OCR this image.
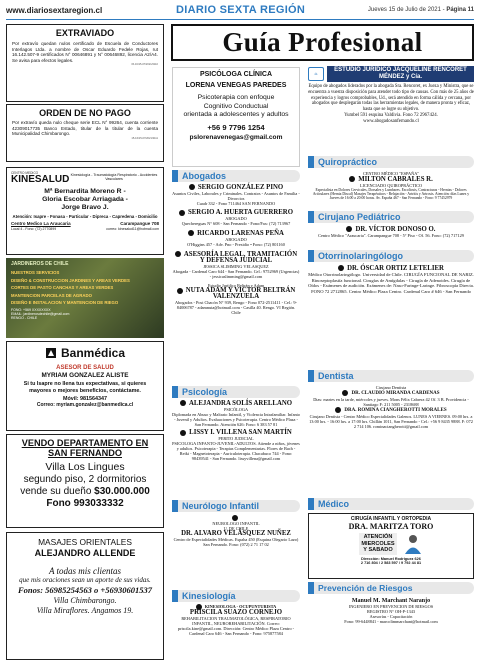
www.diariosextaregion.cl	DIARIO SEXTA REGIÓN	Jueves 15 de Julio de 2021 - Página 11
EXTRAVIADO
Por extravío quedan nulos certificado de Escuela de Conductores Interlagos Ltda. a nombre de Oscar Eduardo Fedele Rojas, rut 16.142.507-9 certificados N° 00646891 y N° 00646892, licencia A2/A4. Se avisa para efectos legales.
15-16/15-07/2021/3110
ORDEN DE NO PAGO
Por extravío queda nulo cheque serie ECL N° 99264, cuenta corriente 42309017735 Banco Estado, titular de la titular de la cuenta Municipalidad Chimbarongo.
15-16/15-07/2021/3111
CENTRO MEDICO
KINESALUD Kinesiología - Traumatología Respiratorio - Accidentes Vasculares
Mª Bernardita Moreno R -
Gloria Escobar Arriagada -
Jorge Bravo J.
Atención: Isapre - Fonasa - Particular - Dipreca - Capredena - Domicilio
Centro Medico La Araucaria	Carampangue 708
Local 4 - Fono: (72) 2770899	correo: kinesalud11@hotmail.com
JARDINEROS DE CHILE
NUESTROS SERVICIOS
DISEÑO & CONSTRUCCION JARDINES Y AREAS VERDES
CORTES DE PASTO CANCHAS Y AREAS VERDES
MANTENCION PARCELAS DE AGRADO
DISEÑO E INSTALACION Y MANTENCION DE RIEGO
FONO: +569 XXXXXXXX
EMAIL: jardinerosdechile@gmail.com
RENGO - CHILE
Banmédica
ASESOR DE SALUD
MYRIAM GONZALEZ ALISTE
Si tu Isapre no llena tus expectativas, si quieres mayores o mejores beneficios, contáctame.
Móvil: 981564347
Correo: myriam.gonzalez@banmedica.cl
VENDO DEPARTAMENTO EN SAN FERNANDO
Villa Los Lingues
segundo piso, 2 dormitorios
vende su dueño $30.000.000
Fono 993033332
MASAJES ORIENTALES
ALEJANDRO ALLENDE
A todas mis clientas
que mis oraciones sean un aporte de sus vidas.
Fonos: 56985254563 o +56930601537
Villa Chimbarongo.
Villa Miraflores. Angamos 19.
Guía Profesional
PSICÓLOGA CLÍNICA
LORENA VENEGAS PAREDES
Psicoterapia con enfoque
Cognitivo Conductual
orientada a adolescentes y adultos
+56 9 7796 1254
pslorenavenegas@gmail.com
Abogados
SERGIO GONZÁLEZ PINO
Asuntos Civiles, Laborales y Criminales. Contratos - Asuntos de Familia - Divorcios
Cuadr 332 - Fono 711464 SAN FERNANDO
SERGIO A. HUERTA GUERRERO
ABOGADO
Quechereguas N° 608 - San Fernando - Fono/Fax: (72) 713967
RICARDO LARENAS PEÑA
ABOGADO
O'Higgins 457 - Adv. Pno - Presidio • Fono: (72) 801160
ASESORÍA LEGAL, TRAMITACIÓN Y DEFENSA JUDICIAL
JESSICA SLIMMING VELASQUEZ
Abogada - Cardenal Caro 644 - San Fernando. Cel.: 9752969 (Urgencias) - jessicaslimming@gmail.com
Estudio Jurídico Beltrán y Adam
NUTA ADAM Y VICTOR BELTRÁN VALENZUELA
Abogados - Post Chacón N° 939, Rengo - Fono 072-2511411 - Cel.: 9-84006787 - adamnuta@hotmail.com - Casilla 40. Rengo. VI Región. Chile
Psicología
ALEJANDRA SOLÍS ARELLANO
PSICÓLOGA
Diplomada en Abuso y Maltrato Infantil, y Violencia Intrafamiliar. Infanto - Juvenil y Adultos. Evaluaciones y Psicoterapia. Centro Médico Plaza - San Fernando. Atención 626: Fono: 6 383 57 81
LISSY I. VILLENA SAN MARTÍN
PERITO JUDICIAL
PSICOLOGA INFANTO-JUVENIL-ADULTOS. Atiende a niños, jóvenes y adultos. Psicoterapia - Terapias Complementarias. Flores de Bach - Reiki - Magnetoterapia - Auriculoterapia. Chacabuco 744 - Fono: 98439541 - San Fernando. lissyvillena@gmail.com
Neurólogo Infantil
NEUROLOGO INFANTIL
U. DE CHILE
DR. ALVARO VELÁSQUEZ NUÑEZ
Centro de Especialidades Médicas. Espaha 450 (Esquina Olegario Lazo) San Fernando. Fono: (072) 2 71 17 02
Kinesiología
KINESIOLOGA - OCUPUNTURISTA
PRISCILA SUAZO CORNEJO
REHABILITACION TRAUMATOLÓGICA, RESPIRATORIO INFANTIL, NEUROREHABILITACIÓN. Correo: priscila.kine@gmail.com. Dirección: Centro Médico Plaza Centro - Cardenal Caro 646 - San Fernando - Fono: 975877584
⚖
ESTUDIO JURÍDICO JACQUELINE RENCORET MÉNDEZ y Cía.
Equipo de abogados liderados por la abogada Sra. Rencoret, ex Jueza y Ministra, que se encuentra a vuestra disposición para atender todo tipo de causas. Con más de 25 años de experiencia y logros comprobables, Ud., será atendido en forma cálida y cercana, por abogados que desplegarán todas las herramientas legales, de manera pronta y eficaz, hasta que se logre su objetivo.
Yumbel 591 esquina Valdivia. Fono 72 2967424.
www.abogadosanfernando.cl
Quiropráctico
CENTRO MÉDICO "ESPAÑA"
MILTON CABRALES R.
LICENCIADO QUIROPRÁCTICO
Especialista en Dolores Cervicales, Dorsales y Lumbares. Escoliosis, Contracturas - Hernias - Dolores Articulares (Hernia Discal) Masajes Terapéuticos - Relajación - Artritis y Artrosis. Atención: días Lunes y Jueves de 16:00 a 20:00 horas. Av. España 467 - San Fernando - Fono: 9 77452979
Cirujano Pediátrico
DR. VÍCTOR DONOSO O.
Centro Médico "Araucaria". Carampangue 708 - 5° Piso - Of. 56. Fono: (72) 717129
Otorrinolaringólogo
DR. ÓSCAR ORTIZ LETELIER
Médico Otorrinolaringólogo. Universidad de Chile. CIRUGÍA FUNCIONAL DE NARIZ. Rinoseptoplastía funcional. Cirugías de Amígdalas - Cirugía de Adenoides. Cirugía de Oídos - Exámenes de audición. Exámenes de: Naso-Faringe-Laringe. Fibroscopía Directa. FONO 72 2712865. Centro Médico Plaza Centro. Cardenal Caro # 646 - San Fernando
Dentista
Cirujano Dentista
DR. CLAUDIO MIRANDA CARDENAS
Dias: martes en la tarde, miércoles y jueves. Mons Félix Cabrera 42 Of. 3 B. Providencia - Santiago F: 211 5005 - 2318688
DRA. ROMINA CIANGHEROTTI MORALES
Cirujano Dentista - Centro Médico Especialidades Galenos. LUNES A VIERNES. 09:00 hrs. a 13:00 hrs. - 16:00 hrs. a 17:00 hrs. Chillán 1011, San Fernando - Cel.: +56 9 8435 9888. F: 072 2 714 106. rominaciangherotti@gmail.com
Médico
CIRUGÍA INFANTIL Y ORTOPEDIA
DRA. MARITZA TORO
ATENCIÓN
MIERCOLES
Y SABADO
Dirección: Manuel Rodriguez 626
2 716 804 / 2 583 597 / 9 792 44 81
Prevención de Riesgos
Manuel M. Marchant Naranjo
INGENIERO EN PREVENCION DE RIESGOS
REGISTRO N° OH-P-1343
Asesorías - Capacitación
Fono: 99-6448841 - marcolimmarchant@hotmail.com
